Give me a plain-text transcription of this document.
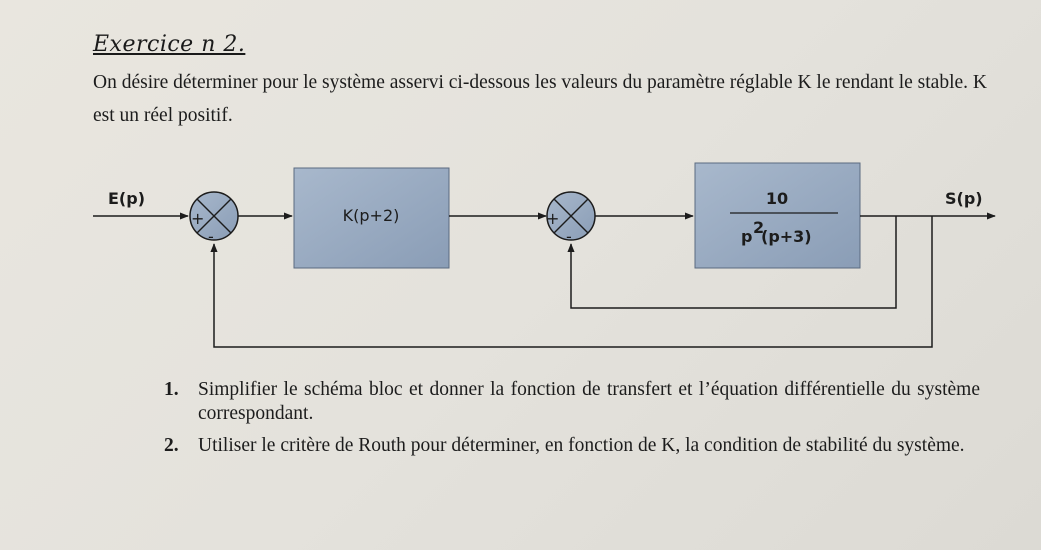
Exercice n 2.
On désire déterminer pour le système asservi ci-dessous les valeurs du paramètre réglable K le rendant le stable. K est un réel positif.
E(p)
+
-
K(p+2)	+
-
10
p 2
(p+3)
S(p)
1. Simplifier le schéma bloc et donner la fonction de transfert et l’équation différentielle du système correspondant.
2. Utiliser le critère de Routh pour déterminer, en fonction de K, la condition de stabilité du système.
